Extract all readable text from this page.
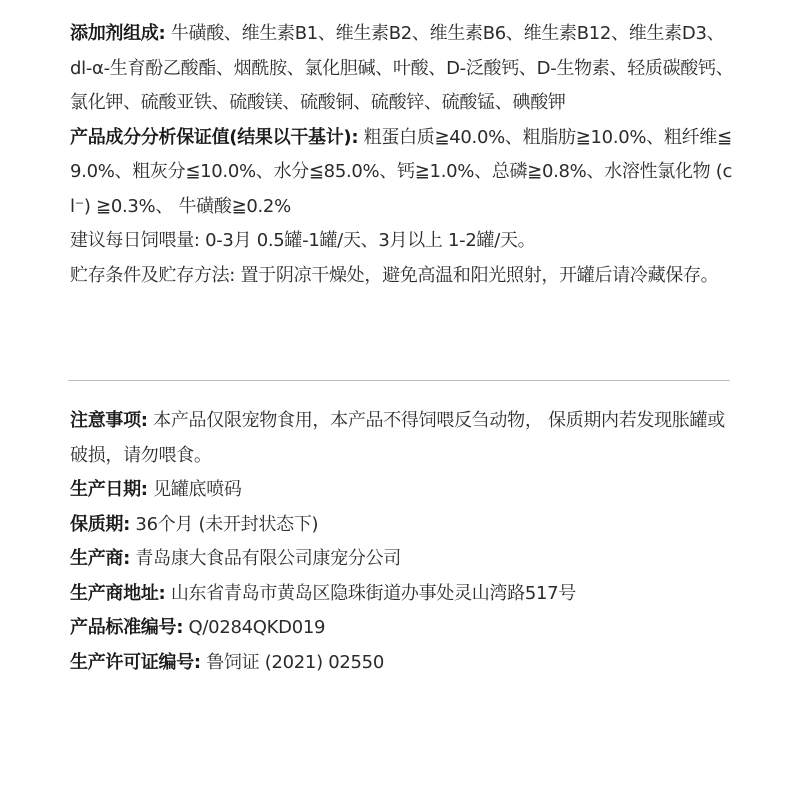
添加剂组成: 牛磺酸、维生素B1、维生素B2、维生素B6、维生素B12、维生素D3、dl-α-生育酚乙酸酯、烟酰胺、氯化胆碱、叶酸、D-泛酸钙、D-生物素、轻质碳酸钙、氯化钾、硫酸亚铁、硫酸镁、硫酸铜、硫酸锌、硫酸锰、碘酸钾

产品成分分析保证值(结果以干基计): 粗蛋白质≧40.0%、粗脂肪≧10.0%、粗纤维≦9.0%、粗灰分≦10.0%、水分≦85.0%、钙≧1.0%、总磷≧0.8%、水溶性氯化物 (cl⁻) ≧0.3%、 牛磺酸≧0.2%

建议每日饲喂量: 0-3月 0.5罐-1罐/天、3月以上 1-2罐/天。

贮存条件及贮存方法: 置于阴凉干燥处，避免高温和阳光照射，开罐后请冷藏保存。

注意事项: 本产品仅限宠物食用，本产品不得饲喂反刍动物， 保质期内若发现胀罐或破损，请勿喂食。

生产日期: 见罐底喷码

保质期: 36个月 (未开封状态下)

生产商: 青岛康大食品有限公司康宠分公司

生产商地址: 山东省青岛市黄岛区隐珠街道办事处灵山湾路517号

产品标准编号: Q/0284QKD019

生产许可证编号: 鲁饲证 (2021) 02550
